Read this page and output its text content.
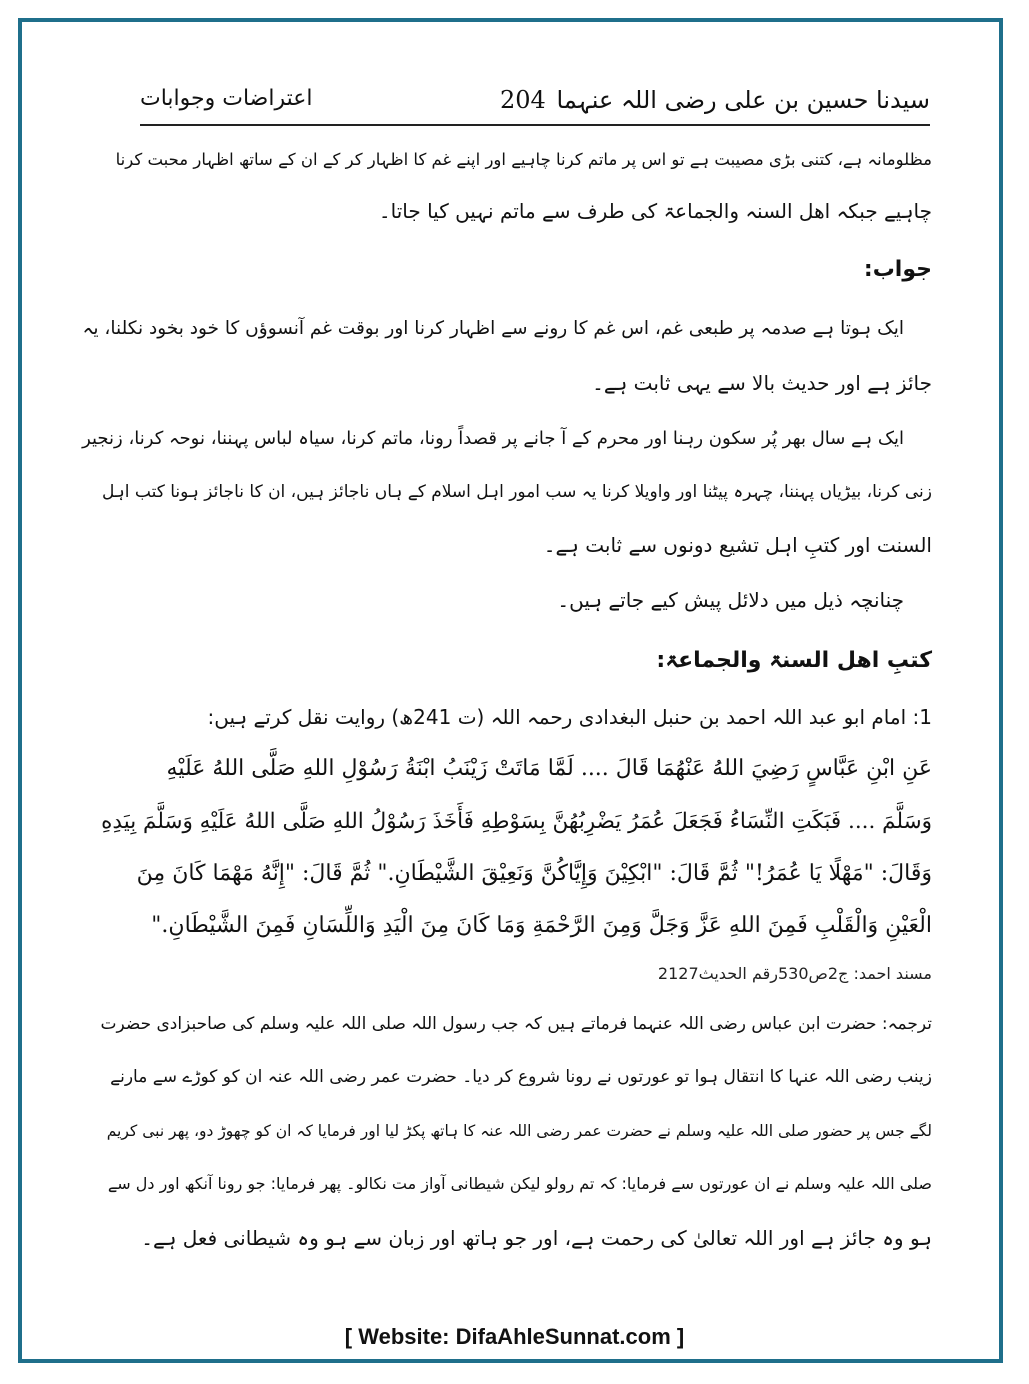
سیدنا حسین بن علی رضی اللہ عنہما
204
اعتراضات وجوابات
مظلومانہ ہے، کتنی بڑی مصیبت ہے تو اس پر ماتم کرنا چاہیے اور اپنے غم کا اظہار کر کے ان کے ساتھ اظہار محبت کرنا
چاہیے جبکہ اھل السنہ والجماعۃ کی طرف سے ماتم نہیں کیا جاتا۔
جواب:
ایک ہوتا ہے صدمہ پر طبعی غم، اس غم کا رونے سے اظہار کرنا اور بوقت غم آنسوؤں کا خود بخود نکلنا، یہ
جائز ہے اور حدیث بالا سے یہی ثابت ہے۔
ایک ہے سال بھر پُر سکون رہنا اور محرم کے آ جانے پر قصداً رونا، ماتم کرنا، سیاہ لباس پہننا، نوحہ کرنا، زنجیر
زنی کرنا، بیڑیاں پہننا، چہرہ پیٹنا اور واویلا کرنا یہ سب امور اہل اسلام کے ہاں ناجائز ہیں، ان کا ناجائز ہونا کتب اہل
السنت اور کتبِ اہل تشیع دونوں سے ثابت ہے۔
چنانچہ ذیل میں دلائل پیش کیے جاتے ہیں۔
کتبِ اھل السنۃ والجماعۃ:
1: امام ابو عبد اللہ احمد بن حنبل البغدادی رحمہ اللہ (ت 241ھ) روایت نقل کرتے ہیں:
عَنِ ابْنِ عَبَّاسٍ رَضِيَ اللهُ عَنْهُمَا قَالَ .... لَمَّا مَاتَتْ زَيْنَبُ ابْنَةُ رَسُوْلِ اللهِ صَلَّى اللهُ عَلَيْهِ
وَسَلَّمَ .... فَبَكَتِ النِّسَاءُ فَجَعَلَ عُمَرُ يَضْرِبُهُنَّ بِسَوْطِهِ فَأَخَذَ رَسُوْلُ اللهِ صَلَّى اللهُ عَلَيْهِ وَسَلَّمَ بِيَدِهِ
وَقَالَ: "مَهْلًا يَا عُمَرُ!" ثُمَّ قَالَ: "ابْكِيْنَ وَإِيَّاكُنَّ وَنَعِيْقَ الشَّيْطَانِ." ثُمَّ قَالَ: "إِنَّهُ مَهْمَا كَانَ مِنَ
الْعَيْنِ وَالْقَلْبِ فَمِنَ اللهِ عَزَّ وَجَلَّ وَمِنَ الرَّحْمَةِ وَمَا كَانَ مِنَ الْيَدِ وَاللِّسَانِ فَمِنَ الشَّيْطَانِ."
مسند احمد: ج2ص530رقم الحدیث2127
ترجمہ: حضرت ابن عباس رضی اللہ عنہما فرماتے ہیں کہ جب رسول اللہ صلی اللہ علیہ وسلم کی صاحبزادی حضرت
زینب رضی اللہ عنہا کا انتقال ہوا تو عورتوں نے رونا شروع کر دیا۔ حضرت عمر رضی اللہ عنہ ان کو کوڑے سے مارنے
لگے جس پر حضور صلی اللہ علیہ وسلم نے حضرت عمر رضی اللہ عنہ کا ہاتھ پکڑ لیا اور فرمایا کہ ان کو چھوڑ دو، پھر نبی کریم
صلی اللہ علیہ وسلم نے ان عورتوں سے فرمایا: کہ تم رولو لیکن شیطانی آواز مت نکالو۔ پھر فرمایا: جو رونا آنکھ اور دل سے
ہو وہ جائز ہے اور اللہ تعالیٰ کی رحمت ہے، اور جو ہاتھ اور زبان سے ہو وہ شیطانی فعل ہے۔
[ Website: DifaAhleSunnat.com ]
